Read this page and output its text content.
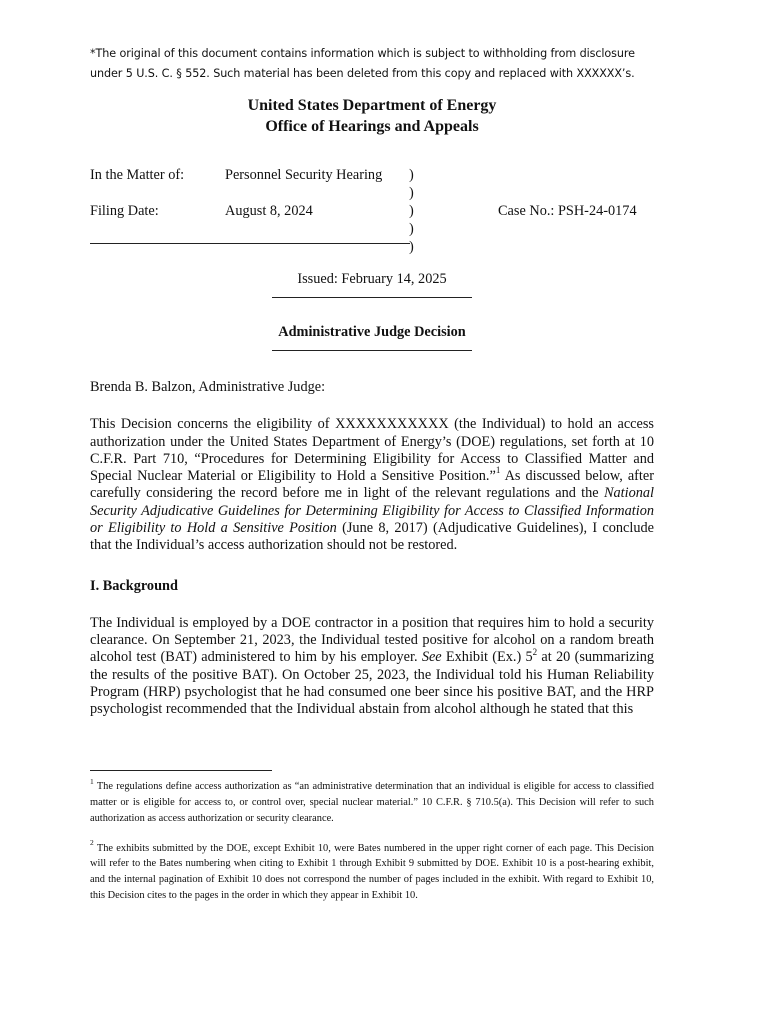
*The original of this document contains information which is subject to withholding from disclosure
under 5 U.S. C. § 552. Such material has been deleted from this copy and replaced with XXXXXX’s.

United States Department of Energy

Office of Hearings and Appeals

In the Matter of:	Personnel Security Hearing
Filing Date:	August 8, 2024	Case No.: PSH-24-0174
)
)
)
)
)
Issued: February 14, 2025
Administrative Judge Decision

Brenda B. Balzon, Administrative Judge:

This Decision concerns the eligibility of XXXXXXXXXXX (the Individual) to hold an access authorization under the United States Department of Energy’s (DOE) regulations, set forth at 10 C.F.R. Part 710, “Procedures for Determining Eligibility for Access to Classified Matter and Special Nuclear Material or Eligibility to Hold a Sensitive Position.”$^1$ As discussed below, after carefully considering the record before me in light of the relevant regulations and the National Security Adjudicative Guidelines for Determining Eligibility for Access to Classified Information or Eligibility to Hold a Sensitive Position (June 8, 2017) (Adjudicative Guidelines), I conclude that the Individual’s access authorization should not be restored.

I. Background

The Individual is employed by a DOE contractor in a position that requires him to hold a security clearance. On September 21, 2023, the Individual tested positive for alcohol on a random breath alcohol test (BAT) administered to him by his employer. See Exhibit (Ex.) $5^2$ at 20 (summarizing the results of the positive BAT). On October 25, 2023, the Individual told his Human Reliability Program (HRP) psychologist that he had consumed one beer since his positive BAT, and the HRP psychologist recommended that the Individual abstain from alcohol although he stated that this

$^1$ The regulations define access authorization as “an administrative determination that an individual is eligible for access to classified matter or is eligible for access to, or control over, special nuclear material.” 10 C.F.R. § 710.5(a). This Decision will refer to such authorization as access authorization or security clearance.

$^2$ The exhibits submitted by the DOE, except Exhibit 10, were Bates numbered in the upper right corner of each page. This Decision will refer to the Bates numbering when citing to Exhibit 1 through Exhibit 9 submitted by DOE. Exhibit 10 is a post-hearing exhibit, and the internal pagination of Exhibit 10 does not correspond the number of pages included in the exhibit. With regard to Exhibit 10, this Decision cites to the pages in the order in which they appear in Exhibit 10.
